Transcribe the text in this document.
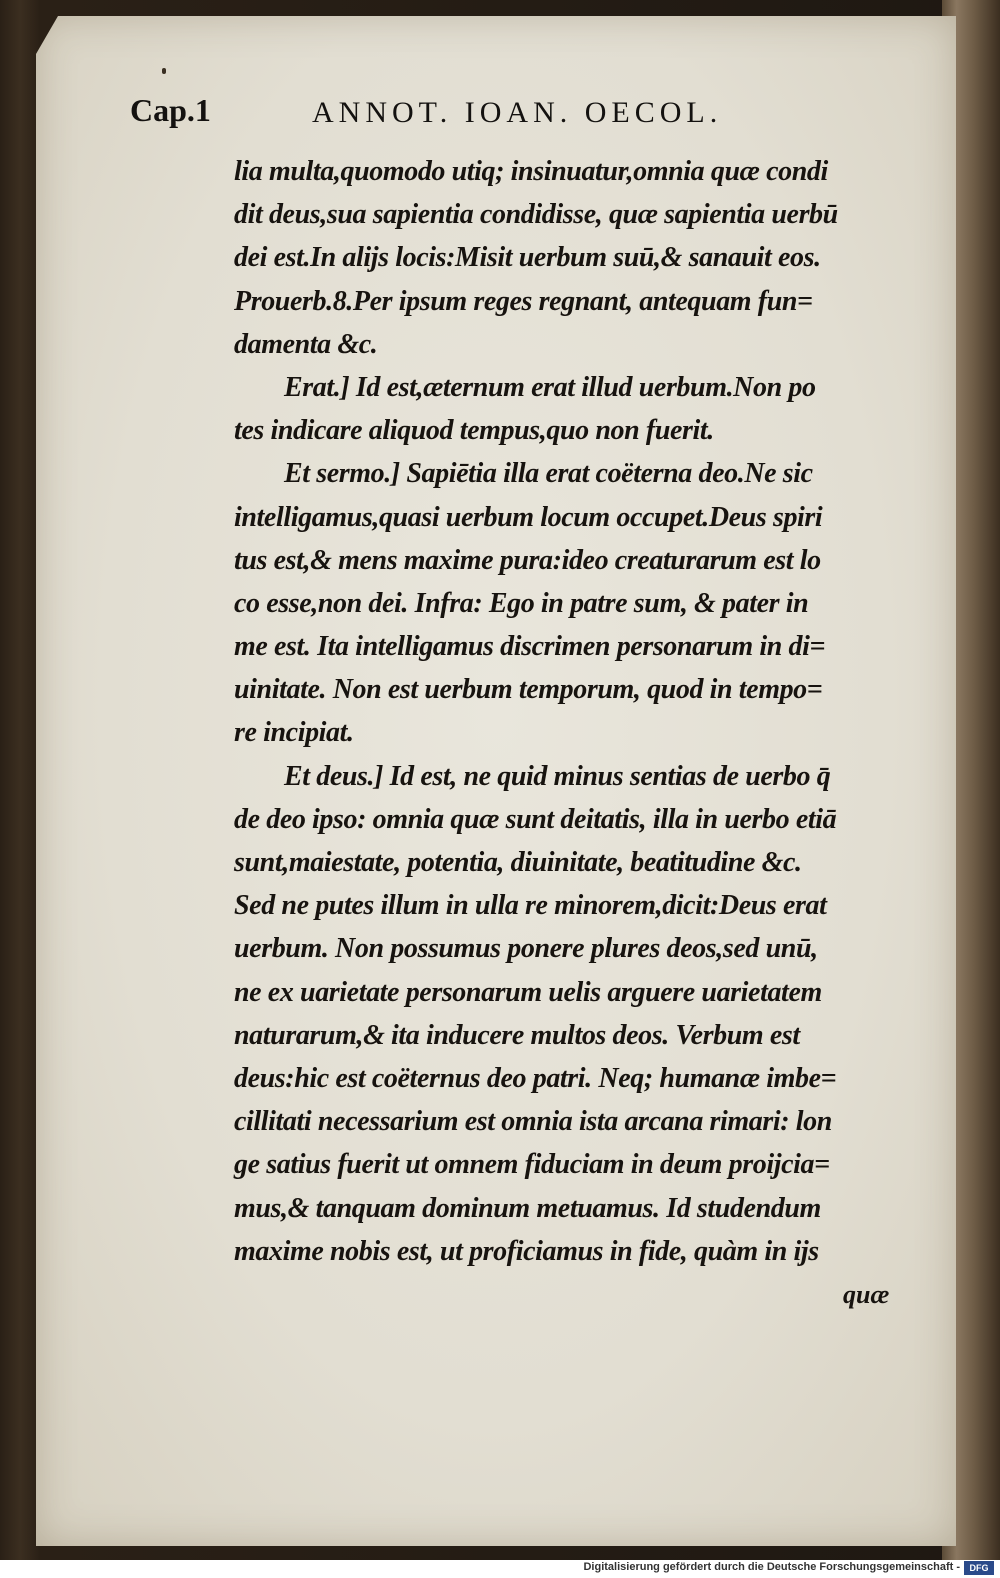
Cap.1	ANNOT. IOAN. OECOL.
lia multa,quomodo utiq; insinuatur,omnia quæ condi
dit deus,sua sapientia condidisse, quæ sapientia uerbū
dei est.In alijs locis:Misit uerbum suū,& sanauit eos.
Prouerb.8.Per ipsum reges regnant, antequam fun=
damenta &c.
Erat.] Id est,æternum erat illud uerbum.Non po
tes indicare aliquod tempus,quo non fuerit.
Et sermo.] Sapiētia illa erat coëterna deo.Ne sic
intelligamus,quasi uerbum locum occupet.Deus spiri
tus est,& mens maxime pura:ideo creaturarum est lo
co esse,non dei. Infra: Ego in patre sum, & pater in
me est. Ita intelligamus discrimen personarum in di=
uinitate. Non est uerbum temporum, quod in tempo=
re incipiat.
Et deus.] Id est, ne quid minus sentias de uerbo q̄
de deo ipso: omnia quæ sunt deitatis, illa in uerbo etiā
sunt,maiestate, potentia, diuinitate, beatitudine &c.
Sed ne putes illum in ulla re minorem,dicit:Deus erat
uerbum. Non possumus ponere plures deos,sed unū,
ne ex uarietate personarum uelis arguere uarietatem
naturarum,& ita inducere multos deos. Verbum est
deus:hic est coëternus deo patri. Neq; humanæ imbe=
cillitati necessarium est omnia ista arcana rimari: lon
ge satius fuerit ut omnem fiduciam in deum proijcia=
mus,& tanquam dominum metuamus. Id studendum
maxime nobis est, ut proficiamus in fide, quàm in ijs
quæ
Digitalisierung gefördert durch die Deutsche Forschungsgemeinschaft -	DFG
